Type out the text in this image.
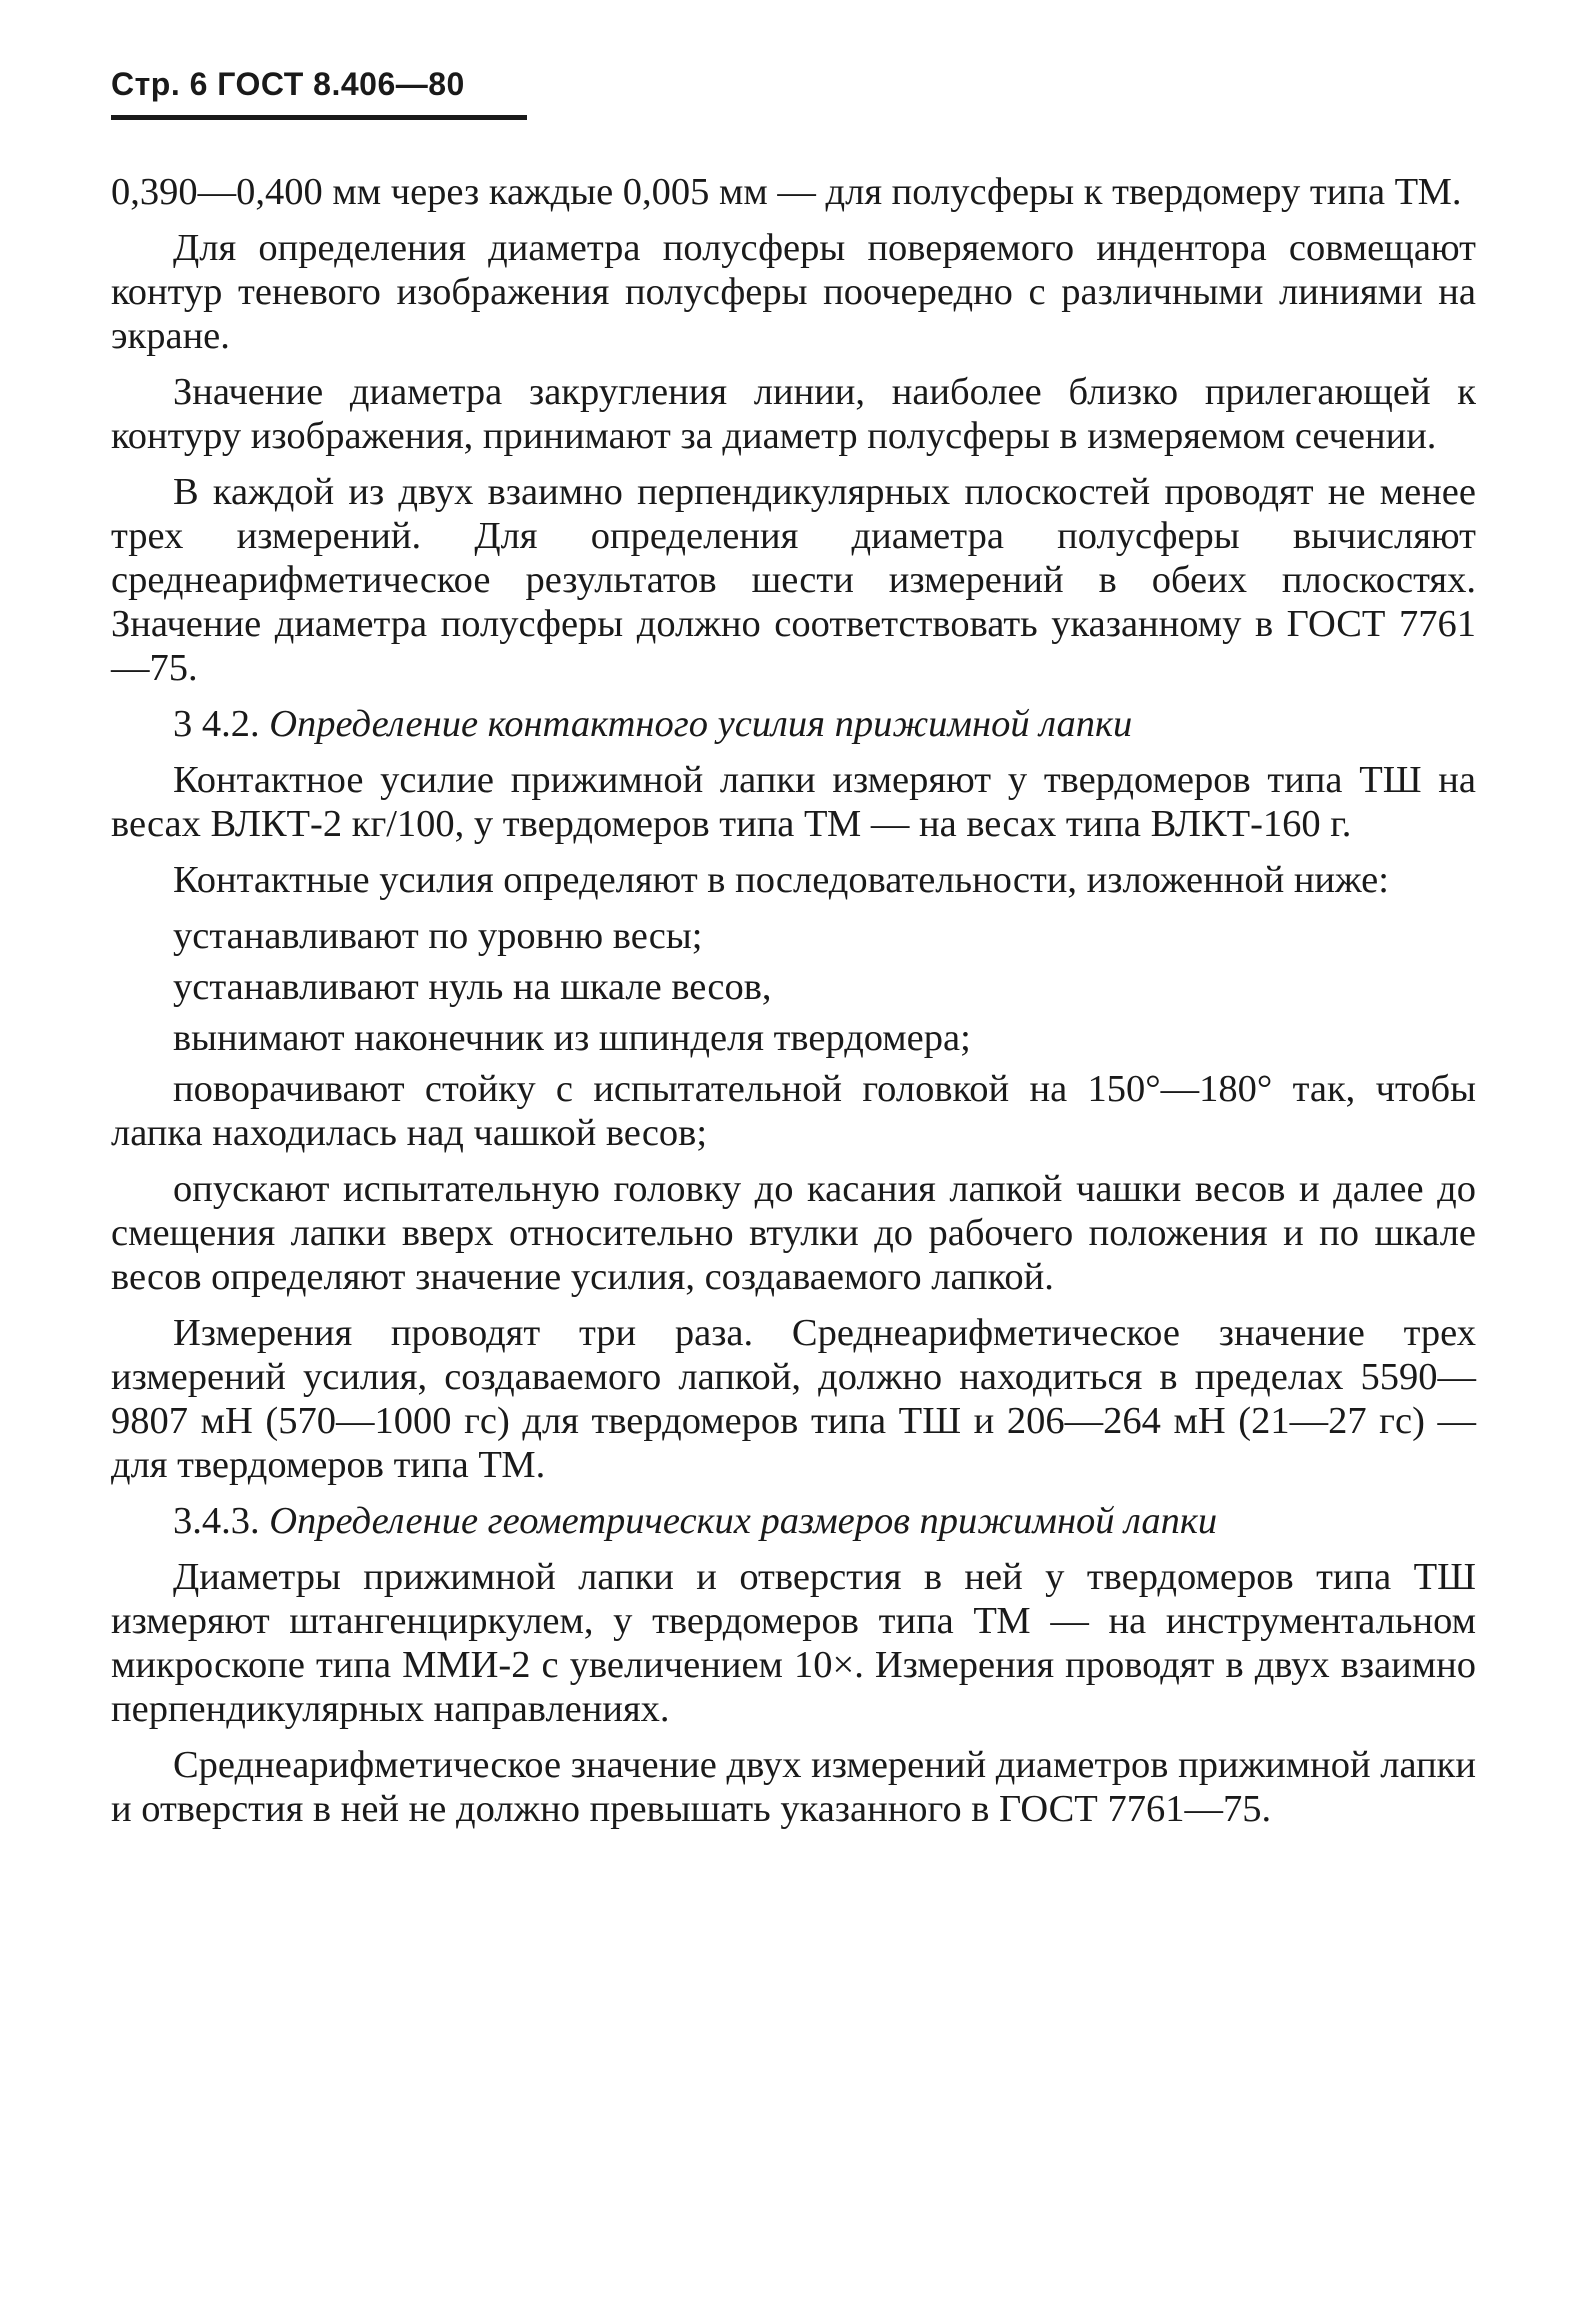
Стр. 6 ГОСТ 8.406—80

0,390—0,400 мм через каждые 0,005 мм — для полусферы к твердомеру типа ТМ.

Для определения диаметра полусферы поверяемого индентора совмещают контур теневого изображения полусферы поочередно с различными линиями на экране.

Значение диаметра закругления линии, наиболее близко прилегающей к контуру изображения, принимают за диаметр полусферы в измеряемом сечении.

В каждой из двух взаимно перпендикулярных плоскостей проводят не менее трех измерений. Для определения диаметра полусферы вычисляют среднеарифметическое результатов шести измерений в обеих плоскостях. Значение диаметра полусферы должно соответствовать указанному в ГОСТ 7761—75.

3 4.2. Определение контактного усилия прижимной лапки

Контактное усилие прижимной лапки измеряют у твердомеров типа ТШ на весах ВЛКТ-2 кг/100, у твердомеров типа ТМ — на весах типа ВЛКТ-160 г.

Контактные усилия определяют в последовательности, изложенной ниже:

устанавливают по уровню весы;

устанавливают нуль на шкале весов,

вынимают наконечник из шпинделя твердомера;

поворачивают стойку с испытательной головкой на 150°—180° так, чтобы лапка находилась над чашкой весов;

опускают испытательную головку до касания лапкой чашки весов и далее до смещения лапки вверх относительно втулки до рабочего положения и по шкале весов определяют значение усилия, создаваемого лапкой.

Измерения проводят три раза. Среднеарифметическое значение трех измерений усилия, создаваемого лапкой, должно находиться в пределах 5590—9807 мН (570—1000 гс) для твердомеров типа ТШ и 206—264 мН (21—27 гс) — для твердомеров типа ТМ.

3.4.3. Определение геометрических размеров прижимной лапки

Диаметры прижимной лапки и отверстия в ней у твердомеров типа ТШ измеряют штангенциркулем, у твердомеров типа ТМ — на инструментальном микроскопе типа ММИ-2 с увеличением 10×. Измерения проводят в двух взаимно перпендикулярных направлениях.

Среднеарифметическое значение двух измерений диаметров прижимной лапки и отверстия в ней не должно превышать указанного в ГОСТ 7761—75.
